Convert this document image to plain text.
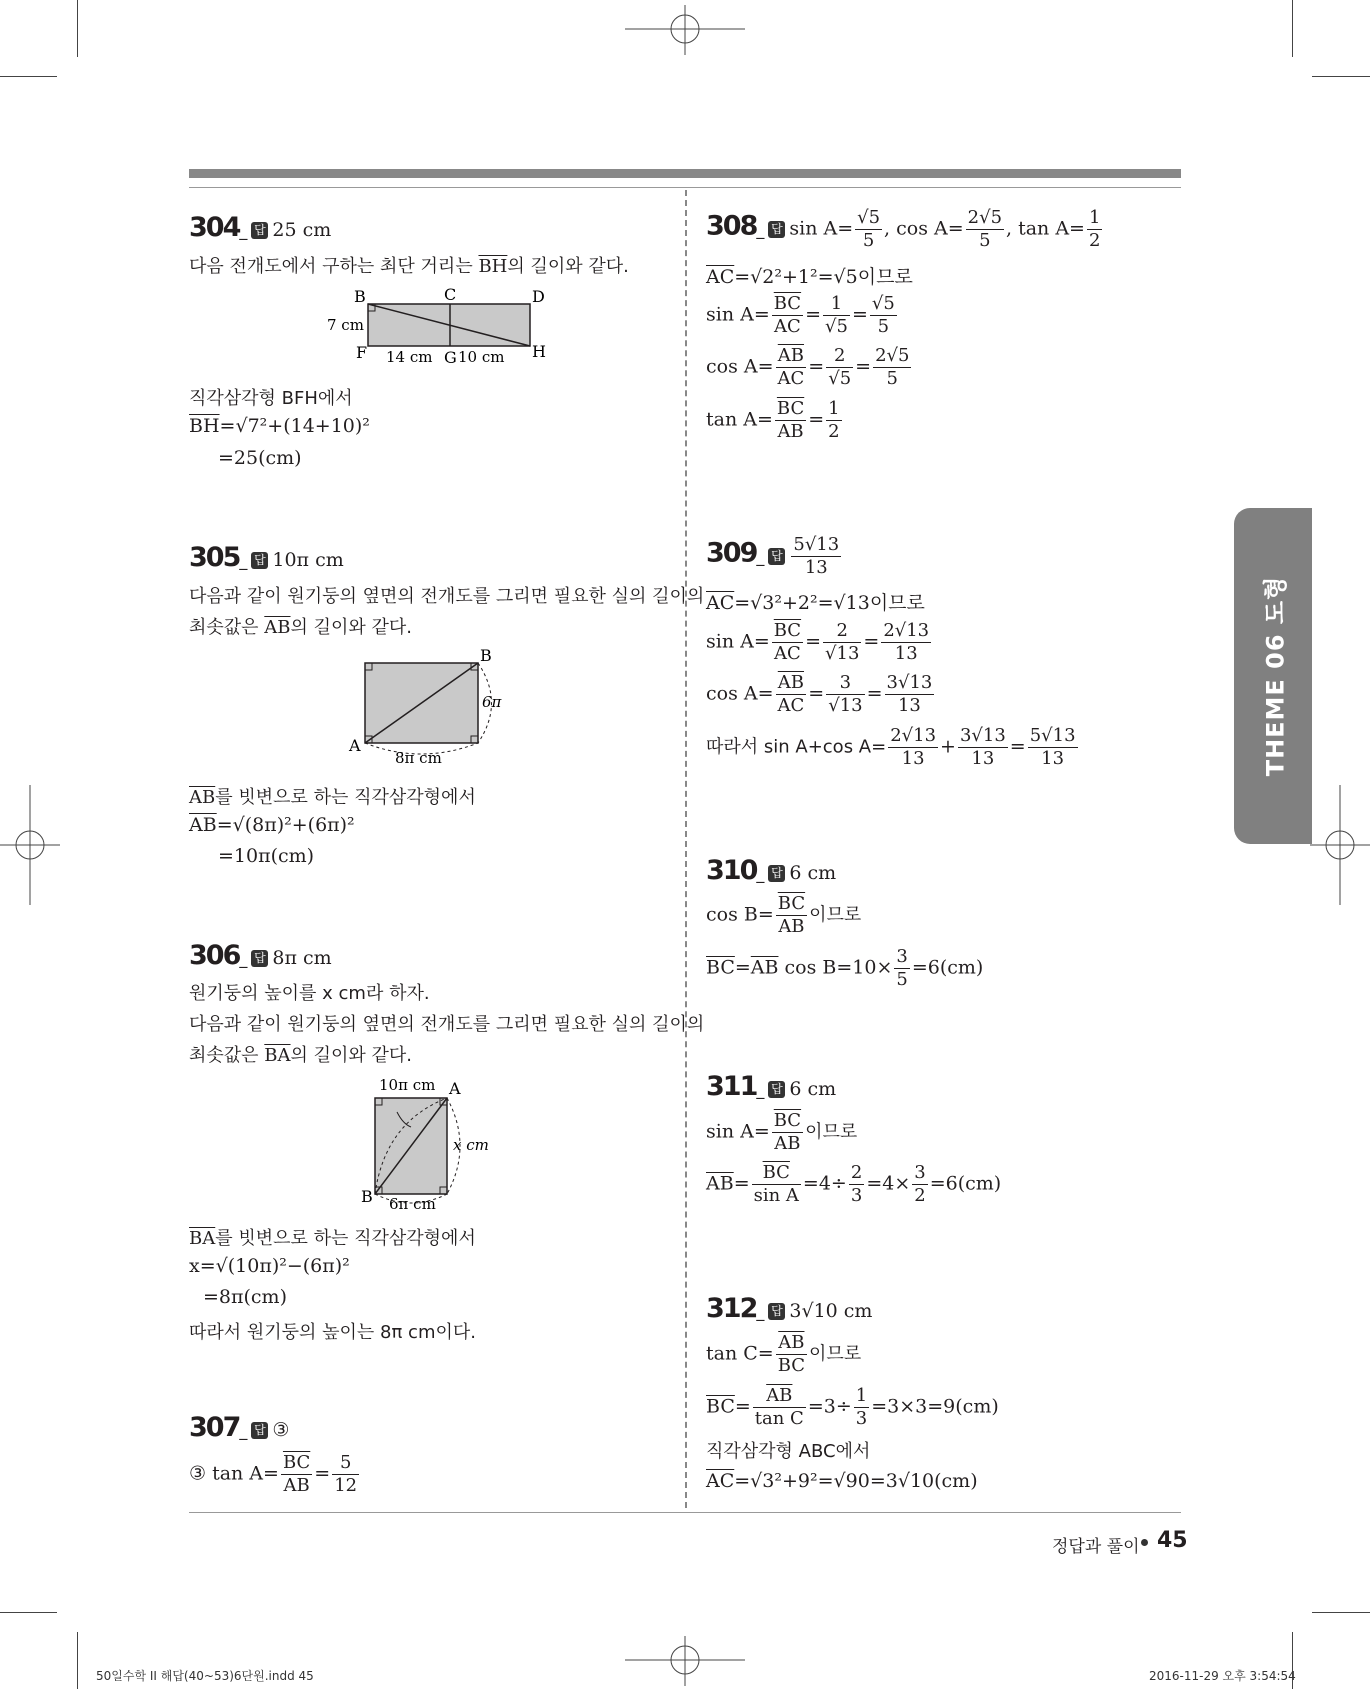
THEME 06 도형
304_ 답 25 cm
다음 전개도에서 구하는 최단 거리는 $\overline{BH}$의 길이와 같다.
B	C	D
F	G	H
7 cm
14 cm 10 cm
직각삼각형 BFH에서
$\overline{BH}=√7^2+(14+10)^2$
=25(cm)
305_ 답 10π cm
다음과 같이 원기둥의 옆면의 전개도를 그리면 필요한 실의 길이의
최솟값은 $\overline{AB}$의 길이와 같다.
A
B
6π
8π cm
$\overline{AB}$를 빗변으로 하는 직각삼각형에서
$\overline{AB}=√(8\pi)^2+(6\pi)^2$
=10π(cm)
306_ 답 8π cm
원기둥의 높이를 x cm라 하자.
다음과 같이 원기둥의 옆면의 전개도를 그리면 필요한 실의 길이의
최솟값은 $\overline{BA}$의 길이와 같다.
A
B
10π cm
x cm
6π cm
$\overline{BA}$를 빗변으로 하는 직각삼각형에서
x=√(10π)²−(6π)²
=8π(cm)
따라서 원기둥의 높이는 8π cm이다.
307_ 답 ③
③ $\tan A= \frac{\overline{BC}}{AB} = \frac{5}{12}$
308_ 답 $\sin A= \frac{√5}{5}$ , $\cos A= \frac{2√5}{5}$ , $\tan A= \frac{1}{2}$
$\overline{AC}=√2^2+1^2=√5$이므로
$\sin A= \frac{\overline{BC}}{AC} = \frac{1}{√5} = \frac{√5}{5}$
$\cos A= \frac{\overline{AB}}{AC} = \frac{2}{√5} = \frac{2√5}{5}$
$\tan A= \frac{\overline{BC}}{AB} = \frac{1}{2}$
309_ 답 $\frac{5√13}{13}$
$\overline{AC}=√3^2+2^2=√13$이므로
$\sin A= \frac{\overline{BC}}{AC} = \frac{2}{√13} = \frac{2√13}{13}$
$\cos A= \frac{\overline{AB}}{AC} = \frac{3}{√13} = \frac{3√13}{13}$
따라서 sin A+cos $A= \frac{2√13}{13} + \frac{3√13}{13} = \frac{5√13}{13}$
310_ 답 6 cm
$\cos B= \frac{\overline{BC}}{AB}$ 이므로
$\overline{BC}=\overline{AB}$ $\cos B=10\times \frac{3}{5} =6(cm)$
311_ 답 6 cm
$\sin A= \frac{\overline{BC}}{AB}$ 이므로
$\overline{AB}= \frac{\overline{BC}}{\text{sin A}} =4\div \frac{2}{3} =4\times \frac{3}{2} =6(cm)$
312_ 답 3√10 cm
$\tan C= \frac{\overline{AB}}{BC}$ 이므로
$\overline{BC}= \frac{\overline{AB}}{\text{tan C}} =3\div \frac{1}{3} =3\times 3=9(cm)$
직각삼각형 ABC에서
$\overline{AC}=√3^2+9^2=√90=3√10(cm)$
정답과 풀이 45
50일수학 II 해답(40~53)6단원.indd 45	2016-11-29 오후 3:54:54
